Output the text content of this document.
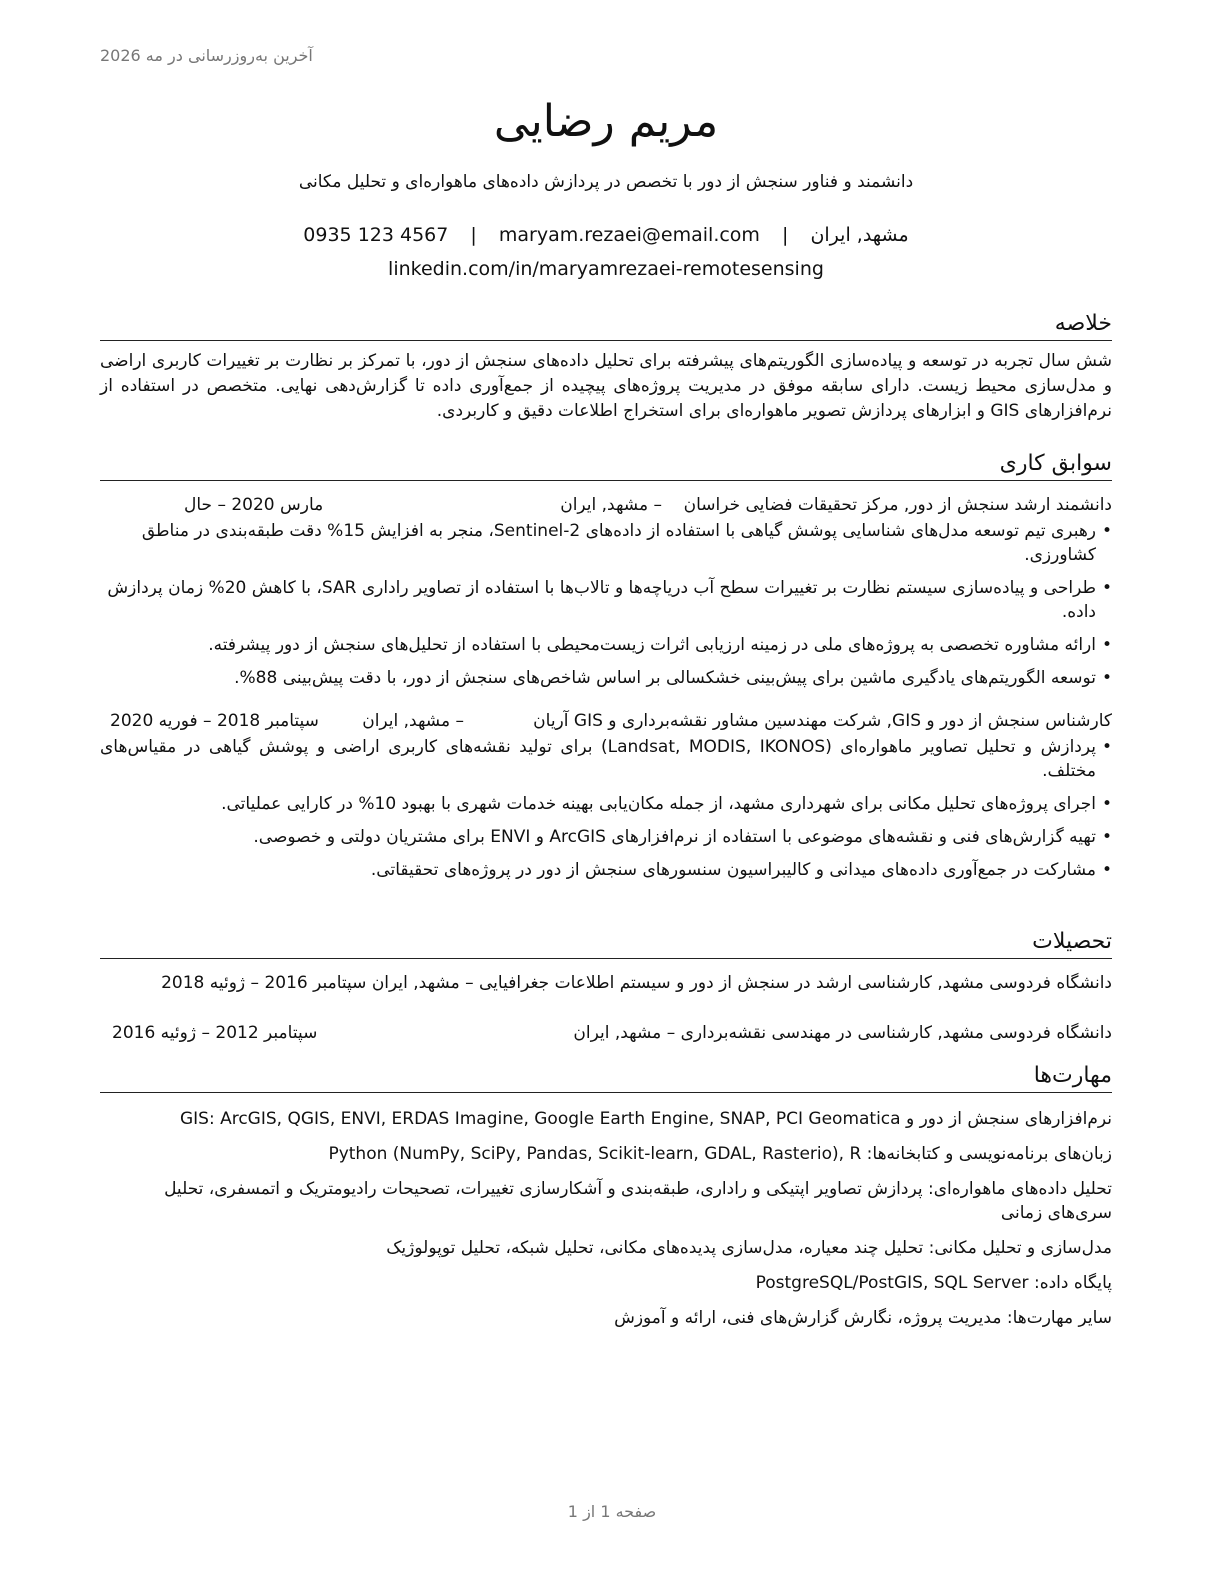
آخرین به‌روزرسانی در مه 2026
مریم رضایی
دانشمند و فناور سنجش از دور با تخصص در پردازش داده‌های ماهواره‌ای و تحلیل مکانی
مشهد, ایران | maryam.rezaei@email.com | 0935 123 4567
linkedin.com/in/maryamrezaei-remotesensing
خلاصه

شش سال تجربه در توسعه و پیاده‌سازی الگوریتم‌های پیشرفته برای تحلیل داده‌های سنجش از دور، با تمرکز بر نظارت بر تغییرات کاربری اراضی و مدل‌سازی محیط زیست. دارای سابقه موفق در مدیریت پروژه‌های پیچیده از جمع‌آوری داده تا گزارش‌دهی نهایی. متخصص در استفاده از نرم‌افزارهای GIS و ابزارهای پردازش تصویر ماهواره‌ای برای استخراج اطلاعات دقیق و کاربردی.

سوابق کاری
دانشمند ارشد سنجش از دور, مرکز تحقیقات فضایی خراسان
– مشهد, ایران
مارس 2020 – حال
• رهبری تیم توسعه مدل‌های شناسایی پوشش گیاهی با استفاده از داده‌های Sentinel-2، منجر به افزایش 15% دقت طبقه‌بندی در مناطق کشاورزی.
• طراحی و پیاده‌سازی سیستم نظارت بر تغییرات سطح آب دریاچه‌ها و تالاب‌ها با استفاده از تصاویر راداری SAR، با کاهش 20% زمان پردازش داده.
• ارائه مشاوره تخصصی به پروژه‌های ملی در زمینه ارزیابی اثرات زیست‌محیطی با استفاده از تحلیل‌های سنجش از دور پیشرفته.
• توسعه الگوریتم‌های یادگیری ماشین برای پیش‌بینی خشکسالی بر اساس شاخص‌های سنجش از دور، با دقت پیش‌بینی 88%.
کارشناس سنجش از دور و GIS, شرکت مهندسین مشاور نقشه‌برداری و GIS آریان
– مشهد, ایران
سپتامبر 2018 – فوریه 2020
• پردازش و تحلیل تصاویر ماهواره‌ای (Landsat, MODIS, IKONOS) برای تولید نقشه‌های کاربری اراضی و پوشش گیاهی در مقیاس‌های مختلف.
• اجرای پروژه‌های تحلیل مکانی برای شهرداری مشهد، از جمله مکان‌یابی بهینه خدمات شهری با بهبود 10% در کارایی عملیاتی.
• تهیه گزارش‌های فنی و نقشه‌های موضوعی با استفاده از نرم‌افزارهای ArcGIS و ENVI برای مشتریان دولتی و خصوصی.
• مشارکت در جمع‌آوری داده‌های میدانی و کالیبراسیون سنسورهای سنجش از دور در پروژه‌های تحقیقاتی.
تحصیلات
دانشگاه فردوسی مشهد, کارشناسی ارشد در سنجش از دور و سیستم اطلاعات جغرافیایی – مشهد, ایران سپتامبر 2016 – ژوئیه 2018
دانشگاه فردوسی مشهد, کارشناسی در مهندسی نقشه‌برداری – مشهد, ایران
سپتامبر 2012 – ژوئیه 2016
مهارت‌ها
نرم‌افزارهای سنجش از دور و GIS: ArcGIS, QGIS, ENVI, ERDAS Imagine, Google Earth Engine, SNAP, PCI Geomatica
زبان‌های برنامه‌نویسی و کتابخانه‌ها: Python (NumPy, SciPy, Pandas, Scikit-learn, GDAL, Rasterio), R
تحلیل داده‌های ماهواره‌ای: پردازش تصاویر اپتیکی و راداری، طبقه‌بندی و آشکارسازی تغییرات، تصحیحات رادیومتریک و اتمسفری، تحلیل سری‌های زمانی
مدل‌سازی و تحلیل مکانی: تحلیل چند معیاره، مدل‌سازی پدیده‌های مکانی، تحلیل شبکه، تحلیل توپولوژیک
پایگاه داده: PostgreSQL/PostGIS, SQL Server
سایر مهارت‌ها: مدیریت پروژه، نگارش گزارش‌های فنی، ارائه و آموزش
صفحه 1 از 1
